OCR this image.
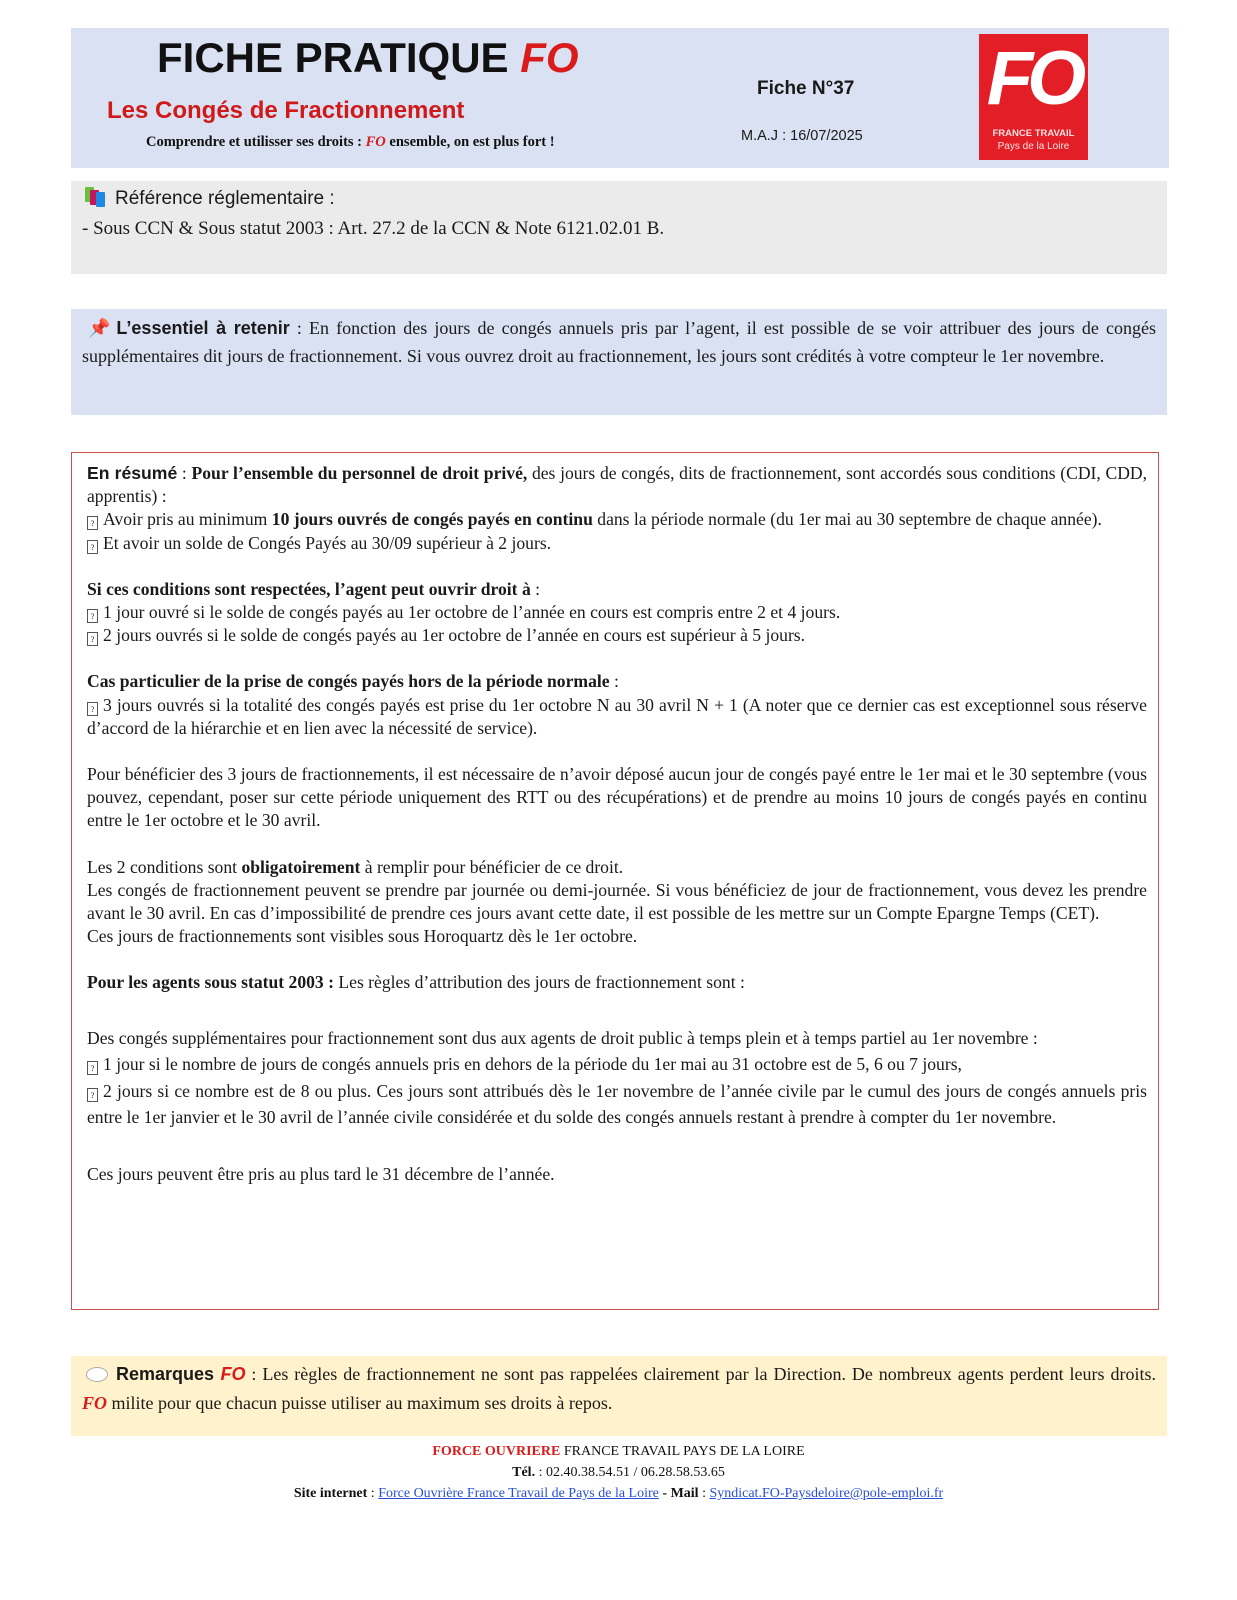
FICHE PRATIQUE FO
Les Congés de Fractionnement
Comprendre et utilisser ses droits : FO ensemble, on est plus fort !
Fiche N°37
M.A.J : 16/07/2025
FO
FRANCE TRAVAIL
Pays de la Loire
Référence réglementaire :
- Sous CCN & Sous statut 2003 : Art. 27.2 de la CCN & Note 6121.02.01 B.
📌 L’essentiel à retenir : En fonction des jours de congés annuels pris par l’agent, il est possible de se voir attribuer des jours de congés supplémentaires dit jours de fractionnement. Si vous ouvrez droit au fractionnement, les jours sont crédités à votre compteur le 1er novembre.

En résumé : Pour l’ensemble du personnel de droit privé, des jours de congés, dits de fractionnement, sont accordés sous conditions (CDI, CDD, apprentis) :

? Avoir pris au minimum 10 jours ouvrés de congés payés en continu dans la période normale (du 1er mai au 30 septembre de chaque année).

? Et avoir un solde de Congés Payés au 30/09 supérieur à 2 jours.

Si ces conditions sont respectées, l’agent peut ouvrir droit à :

? 1 jour ouvré si le solde de congés payés au 1er octobre de l’année en cours est compris entre 2 et 4 jours.

? 2 jours ouvrés si le solde de congés payés au 1er octobre de l’année en cours est supérieur à 5 jours.

Cas particulier de la prise de congés payés hors de la période normale :

? 3 jours ouvrés si la totalité des congés payés est prise du 1er octobre N au 30 avril N + 1 (A noter que ce dernier cas est exceptionnel sous réserve d’accord de la hiérarchie et en lien avec la nécessité de service).

Pour bénéficier des 3 jours de fractionnements, il est nécessaire de n’avoir déposé aucun jour de congés payé entre le 1er mai et le 30 septembre (vous pouvez, cependant, poser sur cette période uniquement des RTT ou des récupérations) et de prendre au moins 10 jours de congés payés en continu entre le 1er octobre et le 30 avril.

Les 2 conditions sont obligatoirement à remplir pour bénéficier de ce droit.

Les congés de fractionnement peuvent se prendre par journée ou demi-journée. Si vous bénéficiez de jour de fractionnement, vous devez les prendre avant le 30 avril. En cas d’impossibilité de prendre ces jours avant cette date, il est possible de les mettre sur un Compte Epargne Temps (CET).

Ces jours de fractionnements sont visibles sous Horoquartz dès le 1er octobre.

Pour les agents sous statut 2003 : Les règles d’attribution des jours de fractionnement sont :

Des congés supplémentaires pour fractionnement sont dus aux agents de droit public à temps plein et à temps partiel au 1er novembre :

? 1 jour si le nombre de jours de congés annuels pris en dehors de la période du 1er mai au 31 octobre est de 5, 6 ou 7 jours,

? 2 jours si ce nombre est de 8 ou plus. Ces jours sont attribués dès le 1er novembre de l’année civile par le cumul des jours de congés annuels pris entre le 1er janvier et le 30 avril de l’année civile considérée et du solde des congés annuels restant à prendre à compter du 1er novembre.

Ces jours peuvent être pris au plus tard le 31 décembre de l’année.

Remarques FO : Les règles de fractionnement ne sont pas rappelées clairement par la Direction. De nombreux agents perdent leurs droits. FO milite pour que chacun puisse utiliser au maximum ses droits à repos.
FORCE OUVRIERE FRANCE TRAVAIL PAYS DE LA LOIRE
Tél. : 02.40.38.54.51 / 06.28.58.53.65
Site internet : Force Ouvrière France Travail de Pays de la Loire - Mail : Syndicat.FO-Paysdeloire@pole-emploi.fr
